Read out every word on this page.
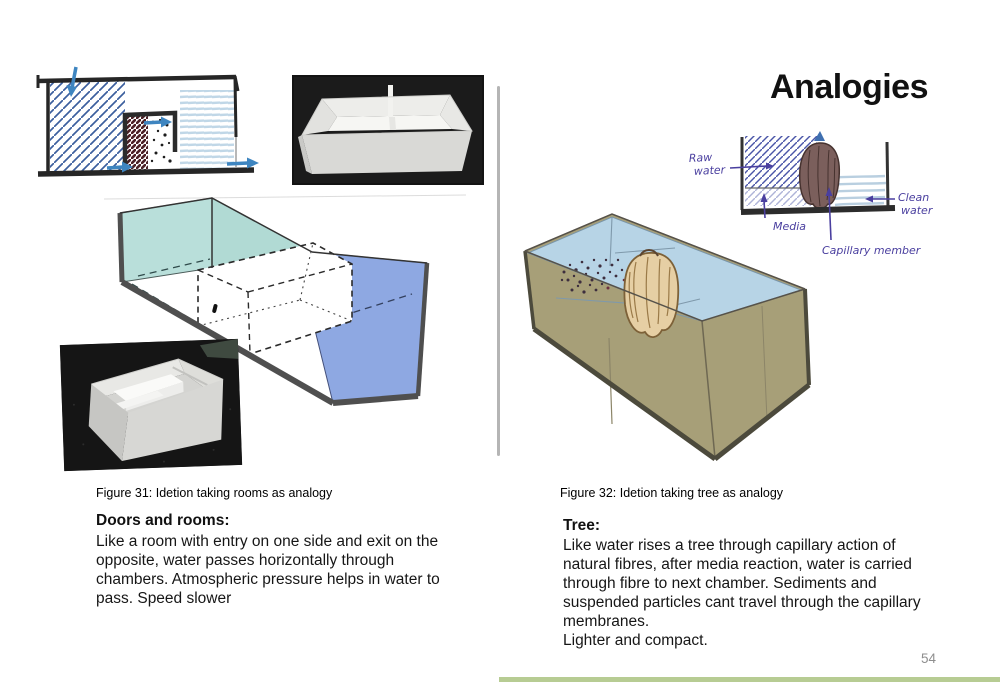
Analogies
Raw
water
Media
Clean
water
Capillary member
Figure 31: Idetion taking rooms as analogy
Doors and rooms:
Like a room with entry on one side and exit on the opposite, water passes horizontally through chambers. Atmospheric pressure helps in water to pass. Speed slower
Figure 32: Idetion taking tree as analogy
Tree:
Like water rises a tree through capillary action of natural fibres, after media reaction, water is carried through fibre to next chamber. Sediments and suspended particles cant travel through the capillary membranes.
Lighter and compact.
54
